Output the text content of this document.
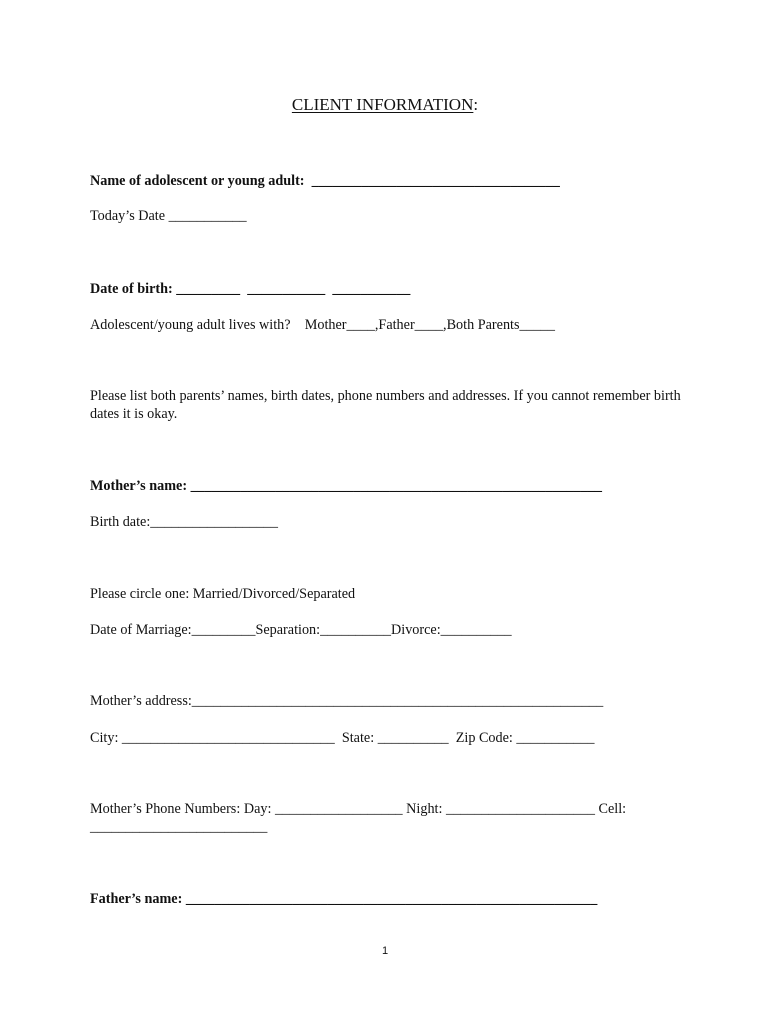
CLIENT INFORMATION:
Name of adolescent or young adult:  ___________________________________
Today’s Date ___________
Date of birth: _________  ___________  ___________
Adolescent/young adult lives with?    Mother____,Father____,Both Parents_____
Please list both parents’ names, birth dates, phone numbers and addresses. If you cannot remember birth dates it is okay.
Mother’s name: __________________________________________________________
Birth date:__________________
Please circle one: Married/Divorced/Separated
Date of Marriage:_________Separation:__________Divorce:__________
Mother’s address:__________________________________________________________
City: ______________________________  State: __________  Zip Code: ___________
Mother’s Phone Numbers: Day: __________________ Night: _____________________ Cell:
_________________________
Father’s name: __________________________________________________________
1
